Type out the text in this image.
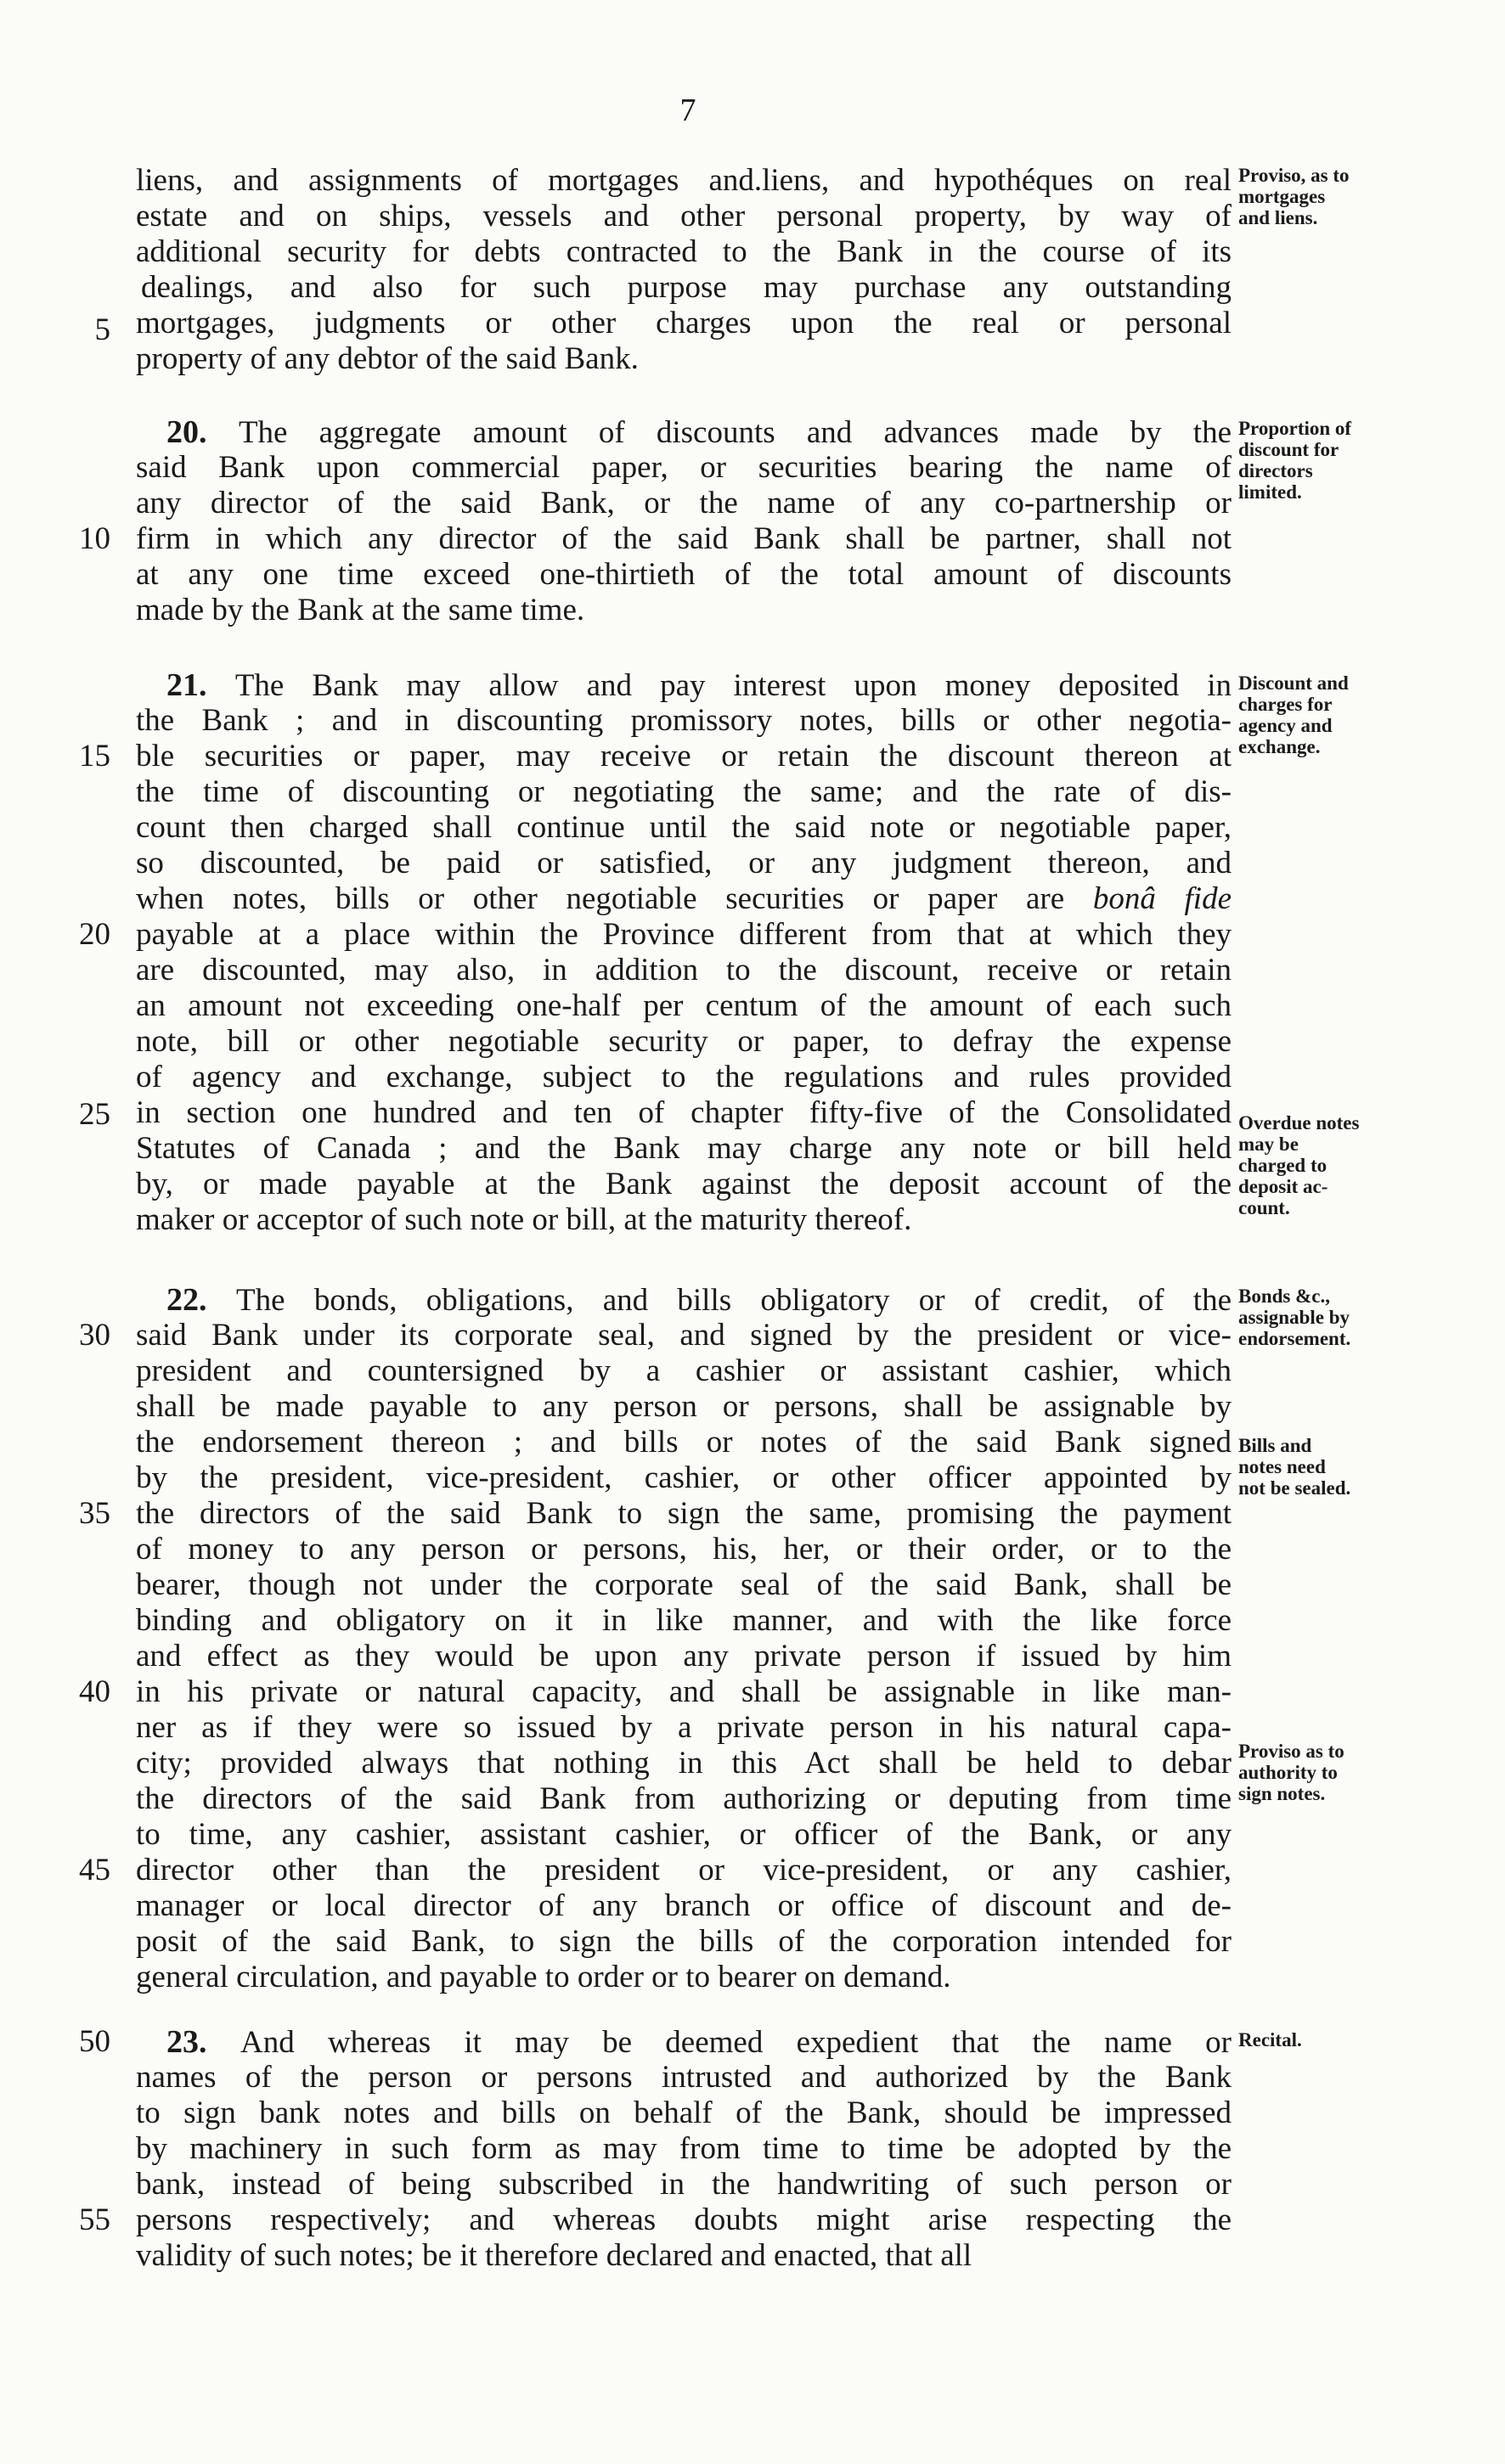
7
liens, and assignments of mortgages and.liens, and hypothéques on real
estate and on ships, vessels and other personal property, by way of
additional security for debts contracted to the Bank in the course of its
dealings, and also for such purpose may purchase any outstanding
mortgages, judgments or other charges upon the real or personal
property of any debtor of the said Bank.
20. The aggregate amount of discounts and advances made by the
said Bank upon commercial paper, or securities bearing the name of
any director of the said Bank, or the name of any co-partnership or
firm in which any director of the said Bank shall be partner, shall not
at any one time exceed one-thirtieth of the total amount of discounts
made by the Bank at the same time.
21. The Bank may allow and pay interest upon money deposited in
the Bank ; and in discounting promissory notes, bills or other negotia-
ble securities or paper, may receive or retain the discount thereon at
the time of discounting or negotiating the same; and the rate of dis-
count then charged shall continue until the said note or negotiable paper,
so discounted, be paid or satisfied, or any judgment thereon, and
when notes, bills or other negotiable securities or paper are bonâ fide
payable at a place within the Province different from that at which they
are discounted, may also, in addition to the discount, receive or retain
an amount not exceeding one-half per centum of the amount of each such
note, bill or other negotiable security or paper, to defray the expense
of agency and exchange, subject to the regulations and rules provided
in section one hundred and ten of chapter fifty-five of the Consolidated
Statutes of Canada ; and the Bank may charge any note or bill held
by, or made payable at the Bank against the deposit account of the
maker or acceptor of such note or bill, at the maturity thereof.
22. The bonds, obligations, and bills obligatory or of credit, of the
said Bank under its corporate seal, and signed by the president or vice-
president and countersigned by a cashier or assistant cashier, which
shall be made payable to any person or persons, shall be assignable by
the endorsement thereon ; and bills or notes of the said Bank signed
by the president, vice-president, cashier, or other officer appointed by
the directors of the said Bank to sign the same, promising the payment
of money to any person or persons, his, her, or their order, or to the
bearer, though not under the corporate seal of the said Bank, shall be
binding and obligatory on it in like manner, and with the like force
and effect as they would be upon any private person if issued by him
in his private or natural capacity, and shall be assignable in like man-
ner as if they were so issued by a private person in his natural capa-
city; provided always that nothing in this Act shall be held to debar
the directors of the said Bank from authorizing or deputing from time
to time, any cashier, assistant cashier, or officer of the Bank, or any
director other than the president or vice-president, or any cashier,
manager or local director of any branch or office of discount and de-
posit of the said Bank, to sign the bills of the corporation intended for
general circulation, and payable to order or to bearer on demand.
23. And whereas it may be deemed expedient that the name or
names of the person or persons intrusted and authorized by the Bank
to sign bank notes and bills on behalf of the Bank, should be impressed
by machinery in such form as may from time to time be adopted by the
bank, instead of being subscribed in the handwriting of such person or
persons respectively; and whereas doubts might arise respecting the
validity of such notes; be it therefore declared and enacted, that all
5
10
15
20
25
30
35
40
45
50
55
Proviso, as to
mortgages
and liens.
Proportion of
discount for
directors
limited.
Discount and
charges for
agency and
exchange.
Overdue notes
may be
charged to
deposit ac-
count.
Bonds &c.,
assignable by
endorsement.
Bills and
notes need
not be sealed.
Proviso as to
authority to
sign notes.
Recital.
